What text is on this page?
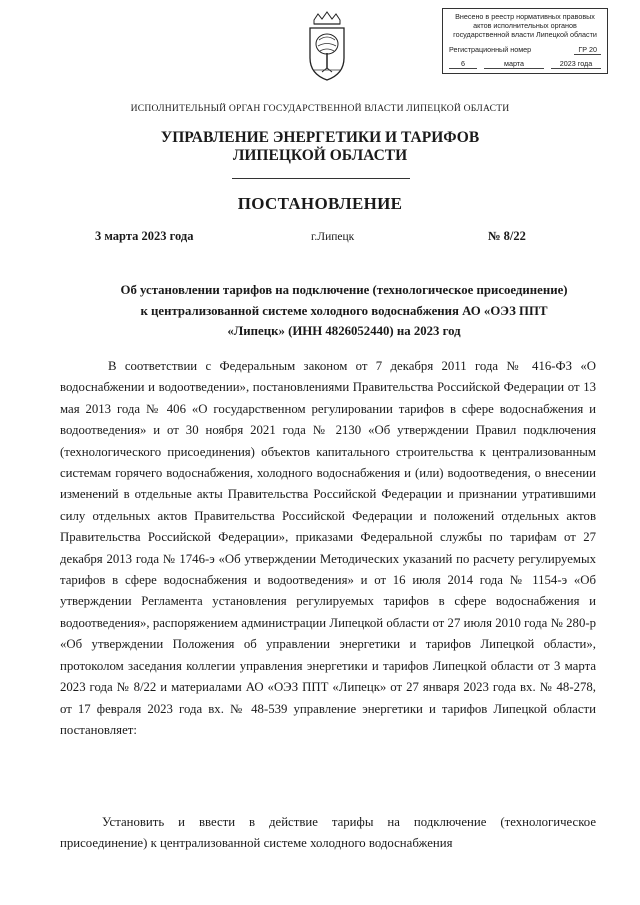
Внесено в реестр нормативных правовых
актов исполнительных органов
государственной власти Липецкой области
Регистрационный номер	ГР 20
6	марта	2023 года
ИСПОЛНИТЕЛЬНЫЙ ОРГАН ГОСУДАРСТВЕННОЙ ВЛАСТИ ЛИПЕЦКОЙ ОБЛАСТИ
УПРАВЛЕНИЕ ЭНЕРГЕТИКИ И ТАРИФОВ
ЛИПЕЦКОЙ ОБЛАСТИ
ПОСТАНОВЛЕНИЕ
3 марта 2023 года	г.Липецк	№ 8/22
Об установлении тарифов на подключение (технологическое присоединение) к централизованной системе холодного водоснабжения АО «ОЭЗ ППТ «Липецк» (ИНН 4826052440) на 2023 год
В соответствии с Федеральным законом от 7 декабря 2011 года № 416-ФЗ «О водоснабжении и водоотведении», постановлениями Правительства Российской Федерации от 13 мая 2013 года № 406 «О государственном регулировании тарифов в сфере водоснабжения и водоотведения» и от 30 ноября 2021 года № 2130 «Об утверждении Правил подключения (технологического присоединения) объектов капитального строительства к централизованным системам горячего водоснабжения, холодного водоснабжения и (или) водоотведения, о внесении изменений в отдельные акты Правительства Российской Федерации и признании утратившими силу отдельных актов Правительства Российской Федерации и положений отдельных актов Правительства Российской Федерации», приказами Федеральной службы по тарифам от 27 декабря 2013 года № 1746-э «Об утверждении Методических указаний по расчету регулируемых тарифов в сфере водоснабжения и водоотведения» и от 16 июля 2014 года № 1154-э «Об утверждении Регламента установления регулируемых тарифов в сфере водоснабжения и водоотведения», распоряжением администрации Липецкой области от 27 июля 2010 года № 280-р «Об утверждении Положения об управлении энергетики и тарифов Липецкой области», протоколом заседания коллегии управления энергетики и тарифов Липецкой области от 3 марта 2023 года № 8/22 и материалами АО «ОЭЗ ППТ «Липецк» от 27 января 2023 года вх. № 48-278, от 17 февраля 2023 года вх. № 48-539 управление энергетики и тарифов Липецкой области постановляет:
Установить и ввести в действие тарифы на подключение (технологическое присоединение) к централизованной системе холодного водоснабжения
